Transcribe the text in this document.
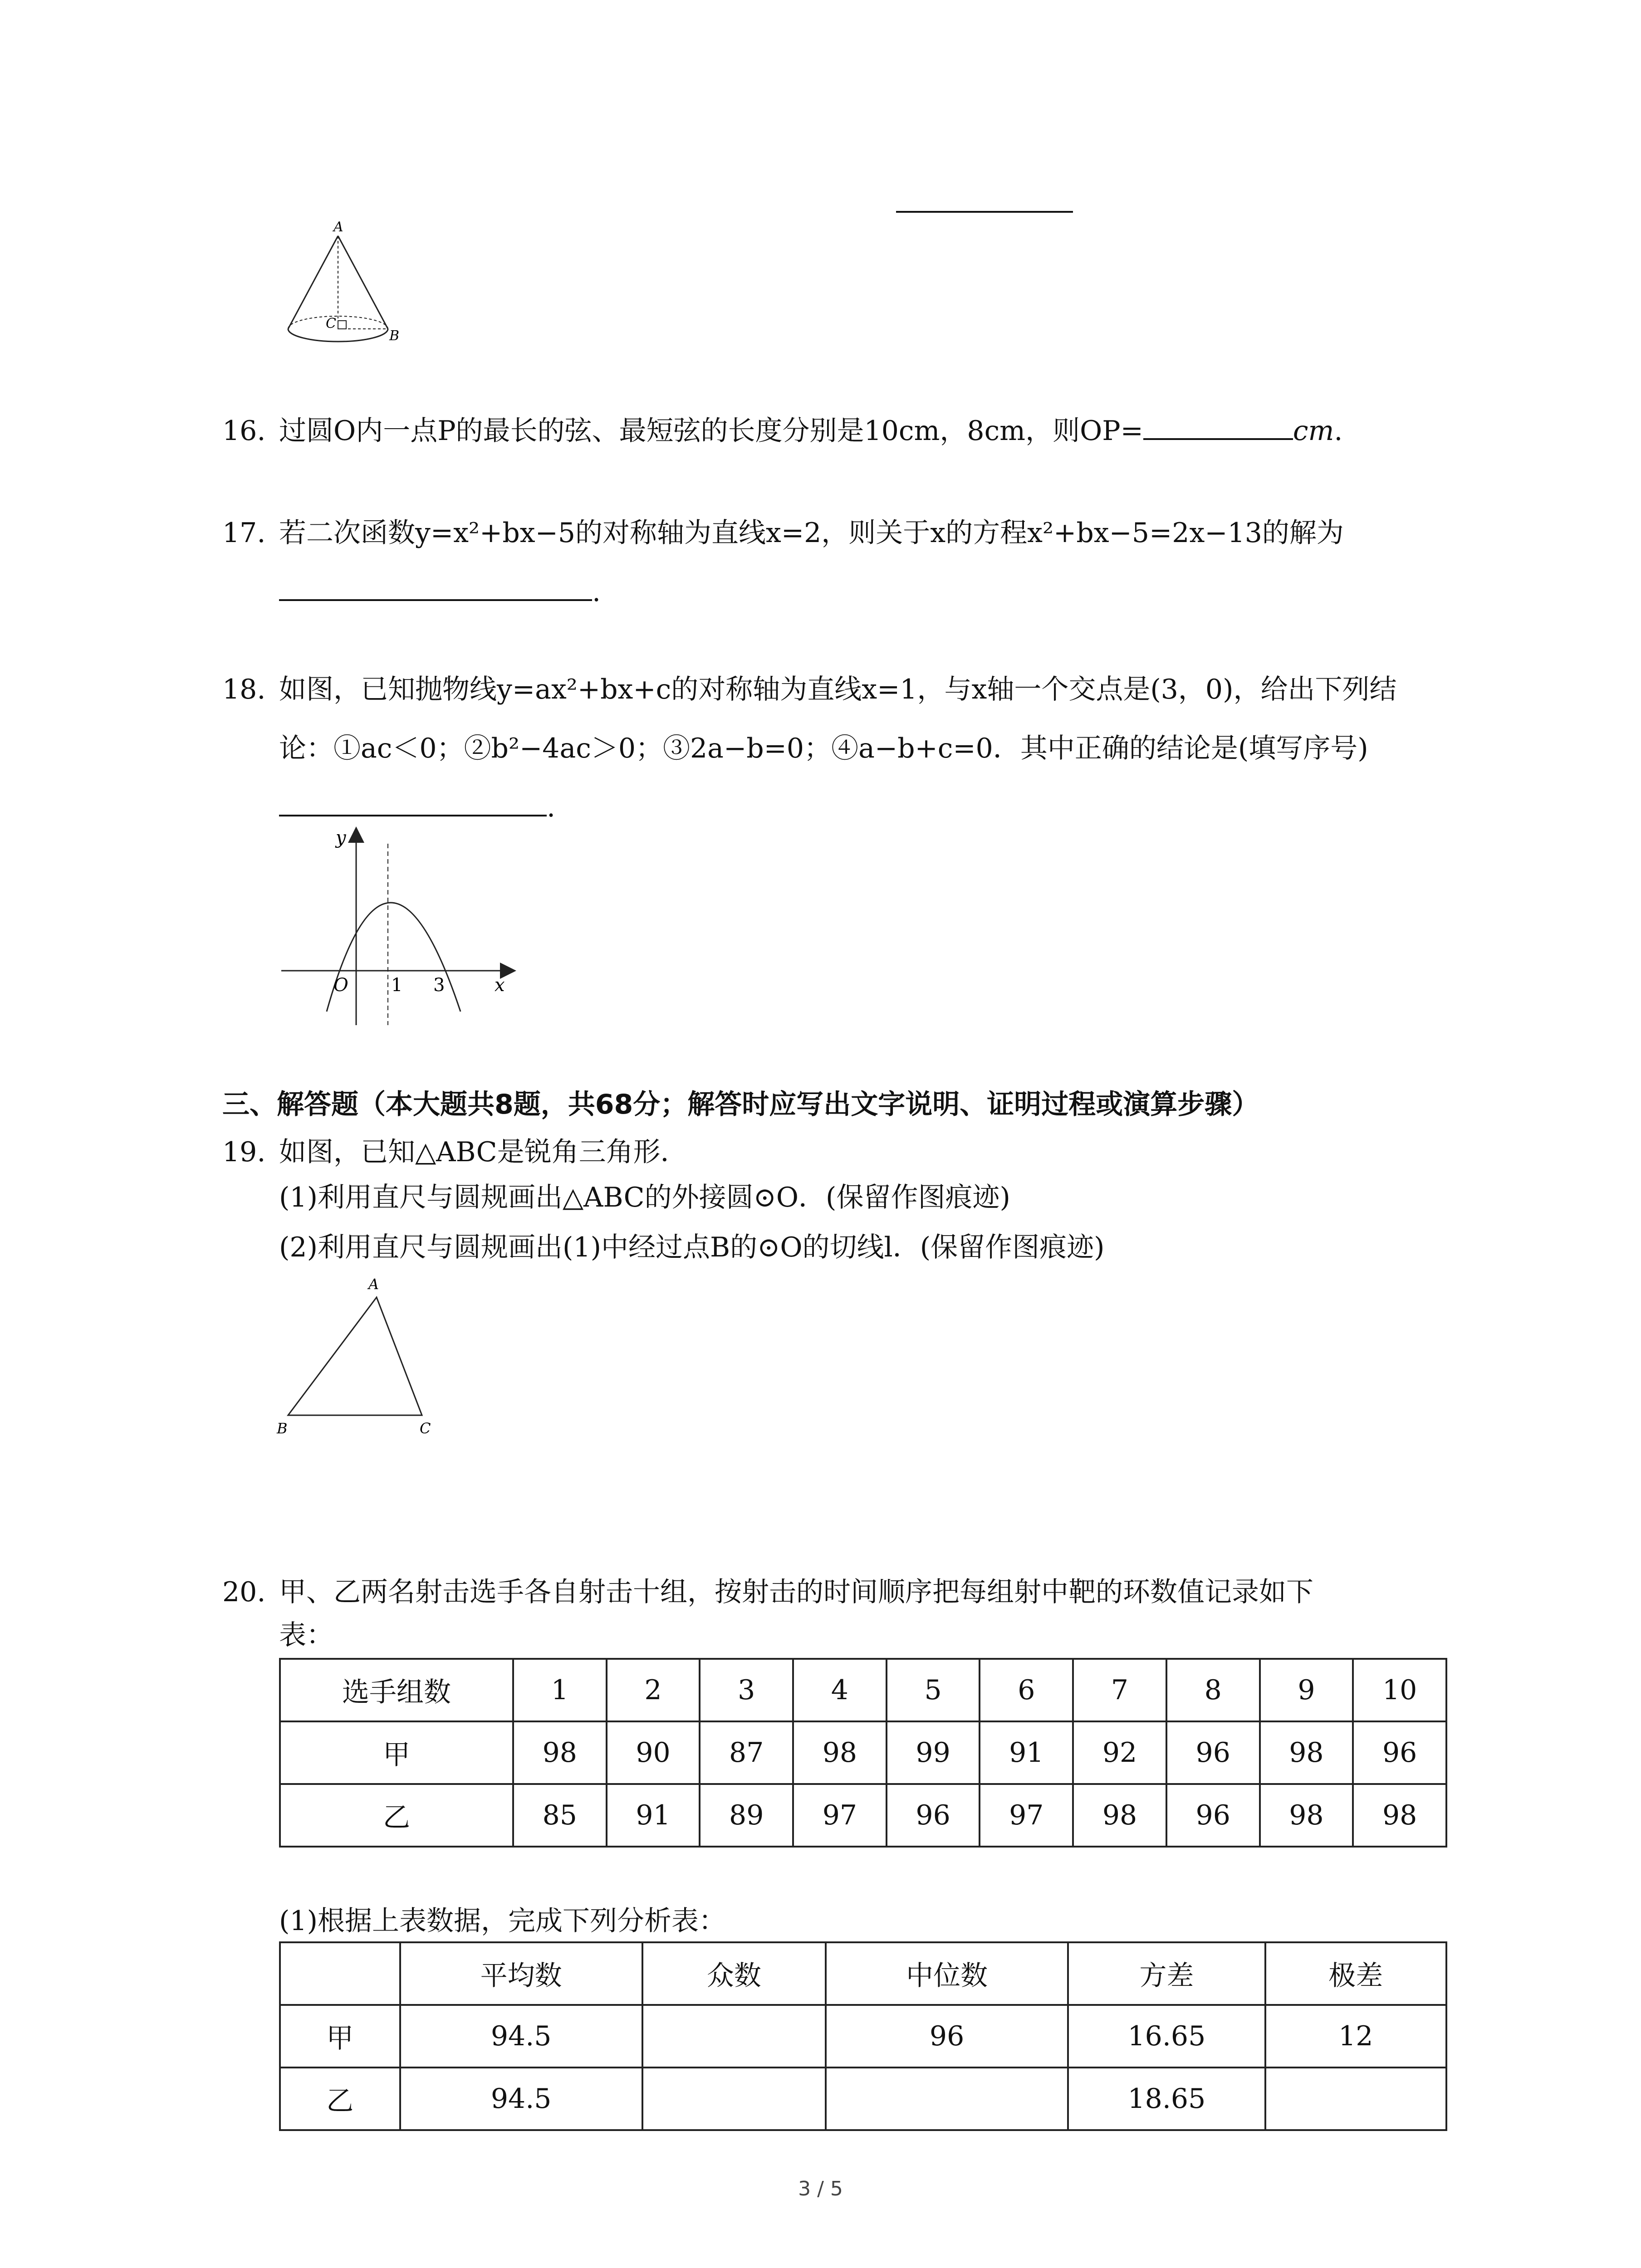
A
C
B
16. 过圆O内一点P的最长的弦、最短弦的长度分别是10cm，8cm，则OP=	cm.
17. 若二次函数y=x²+bx−5的对称轴为直线x=2，则关于x的方程x²+bx−5=2x−13的解为
.
18. 如图，已知抛物线y=ax²+bx+c的对称轴为直线x=1，与x轴一个交点是(3，0)，给出下列结
论：①ac＜0；②b²−4ac＞0；③2a−b=0；④a−b+c=0．其中正确的结论是(填写序号)
.
y
x
O 1 3
三、解答题（本大题共8题，共68分；解答时应写出文字说明、证明过程或演算步骤）
19. 如图，已知△ABC是锐角三角形．
(1)利用直尺与圆规画出△ABC的外接圆⊙O．(保留作图痕迹)
(2)利用直尺与圆规画出(1)中经过点B的⊙O的切线l．(保留作图痕迹)
A
B	C
20. 甲、乙两名射击选手各自射击十组，按射击的时间顺序把每组射中靶的环数值记录如下
表：
选手组数	1	2	3	4	5	6	7	8	9	10
甲	98	90	87	98	99	91	92	96	98	96
乙	85	91	89	97	96	97	98	96	98	98
(1)根据上表数据，完成下列分析表：
	平均数	众数	中位数	方差	极差
甲	94.5		96	16.65	12
乙	94.5			18.65	
3 / 5
